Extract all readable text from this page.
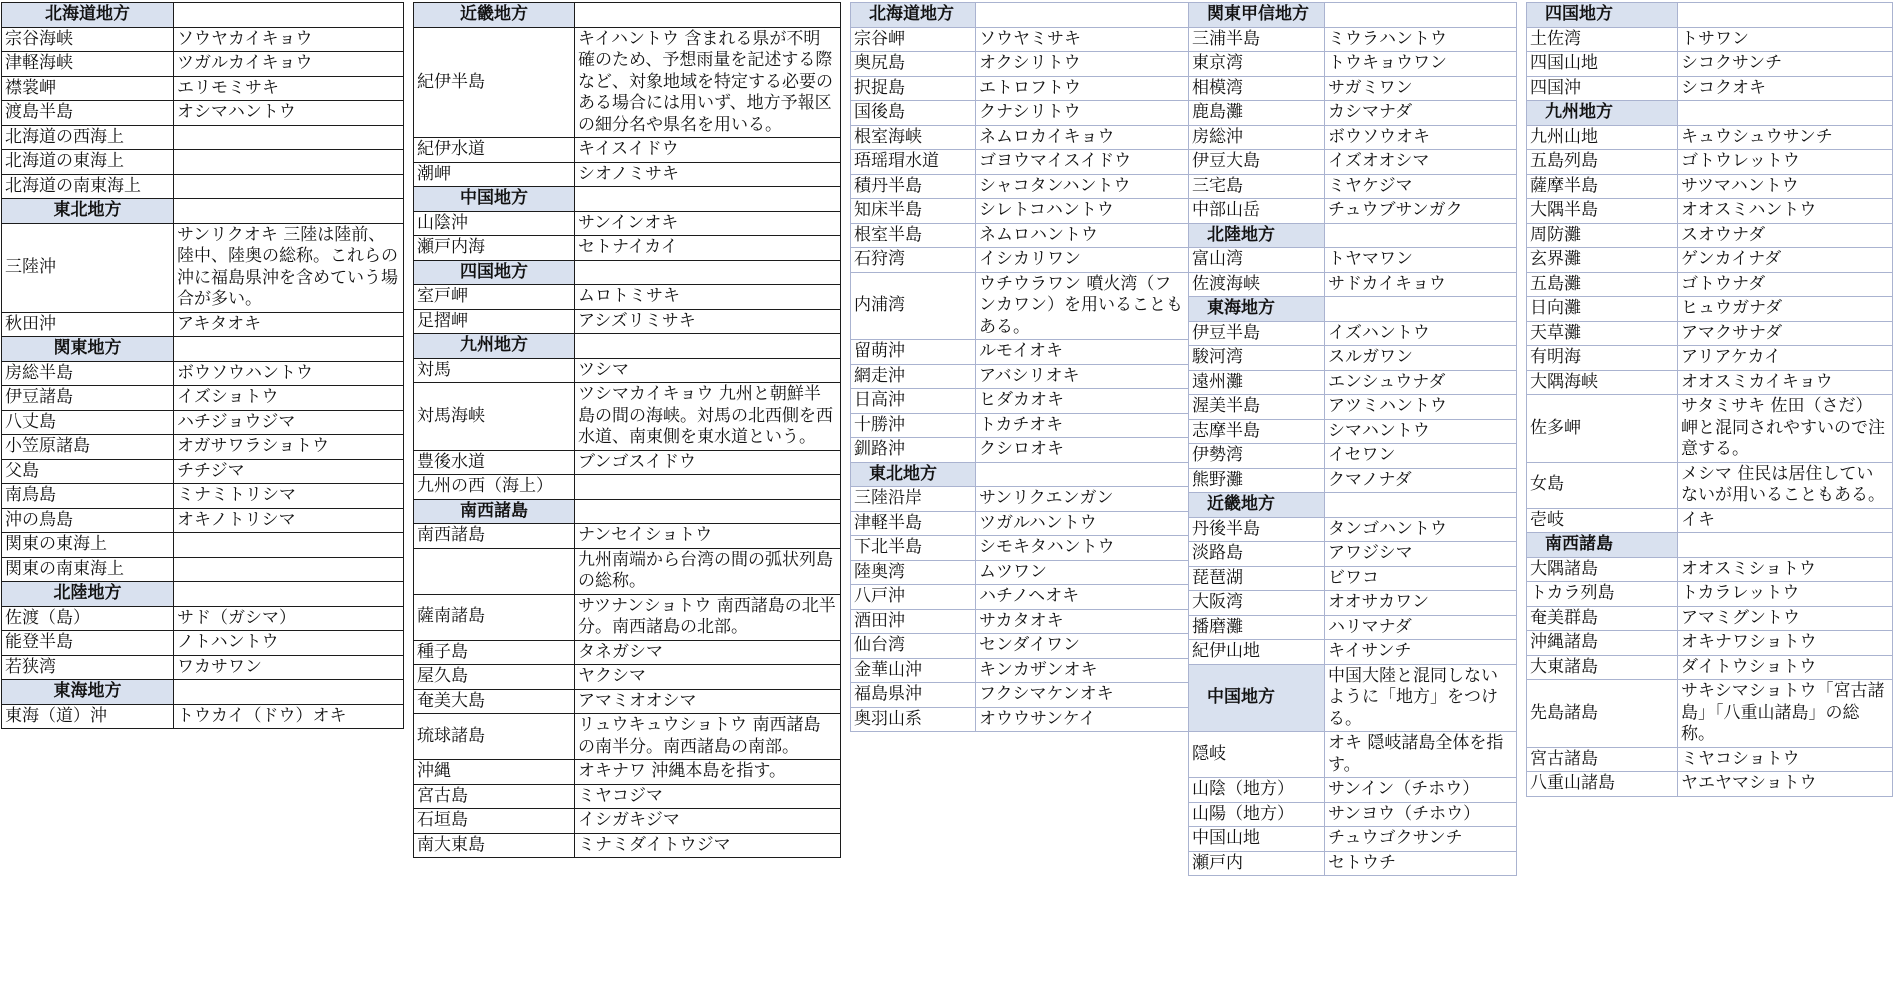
北海道地方	
宗谷海峡	ソウヤカイキョウ
津軽海峡	ツガルカイキョウ
襟裳岬	エリモミサキ
渡島半島	オシマハントウ
北海道の西海上	
北海道の東海上	
北海道の南東海上	
東北地方	
三陸沖	サンリクオキ 三陸は陸前、陸中、陸奥の総称。これらの沖に福島県沖を含めていう場合が多い。
秋田沖	アキタオキ
関東地方	
房総半島	ボウソウハントウ
伊豆諸島	イズショトウ
八丈島	ハチジョウジマ
小笠原諸島	オガサワラショトウ
父島	チチジマ
南鳥島	ミナミトリシマ
沖の鳥島	オキノトリシマ
関東の東海上	
関東の南東海上	
北陸地方	
佐渡（島）	サド（ガシマ）
能登半島	ノトハントウ
若狭湾	ワカサワン
東海地方	
東海（道）沖	トウカイ（ドウ）オキ
近畿地方	
紀伊半島	キイハントウ 含まれる県が不明確のため、予想雨量を記述する際など、対象地域を特定する必要のある場合には用いず、地方予報区の細分名や県名を用いる。
紀伊水道	キイスイドウ
潮岬	シオノミサキ
中国地方	
山陰沖	サンインオキ
瀬戸内海	セトナイカイ
四国地方	
室戸岬	ムロトミサキ
足摺岬	アシズリミサキ
九州地方	
対馬	ツシマ
対馬海峡	ツシマカイキョウ 九州と朝鮮半島の間の海峡。対馬の北西側を西水道、南東側を東水道という。
豊後水道	ブンゴスイドウ
九州の西（海上）	
南西諸島	
南西諸島	ナンセイショトウ
	九州南端から台湾の間の弧状列島の総称。
薩南諸島	サツナンショトウ 南西諸島の北半分。南西諸島の北部。
種子島	タネガシマ
屋久島	ヤクシマ
奄美大島	アマミオオシマ
琉球諸島	リュウキュウショトウ 南西諸島の南半分。南西諸島の南部。
沖縄	オキナワ 沖縄本島を指す。
宮古島	ミヤコジマ
石垣島	イシガキジマ
南大東島	ミナミダイトウジマ
北海道地方	
宗谷岬	ソウヤミサキ
奥尻島	オクシリトウ
択捉島	エトロフトウ
国後島	クナシリトウ
根室海峡	ネムロカイキョウ
珸瑶瑁水道	ゴヨウマイスイドウ
積丹半島	シャコタンハントウ
知床半島	シレトコハントウ
根室半島	ネムロハントウ
石狩湾	イシカリワン
内浦湾	ウチウラワン 噴火湾（フンカワン）を用いることもある。
留萌沖	ルモイオキ
網走沖	アバシリオキ
日高沖	ヒダカオキ
十勝沖	トカチオキ
釧路沖	クシロオキ
東北地方	
三陸沿岸	サンリクエンガン
津軽半島	ツガルハントウ
下北半島	シモキタハントウ
陸奥湾	ムツワン
八戸沖	ハチノヘオキ
酒田沖	サカタオキ
仙台湾	センダイワン
金華山沖	キンカザンオキ
福島県沖	フクシマケンオキ
奥羽山系	オウウサンケイ
関東甲信地方	
三浦半島	ミウラハントウ
東京湾	トウキョウワン
相模湾	サガミワン
鹿島灘	カシマナダ
房総沖	ボウソウオキ
伊豆大島	イズオオシマ
三宅島	ミヤケジマ
中部山岳	チュウブサンガク
北陸地方	
富山湾	トヤマワン
佐渡海峡	サドカイキョウ
東海地方	
伊豆半島	イズハントウ
駿河湾	スルガワン
遠州灘	エンシュウナダ
渥美半島	アツミハントウ
志摩半島	シマハントウ
伊勢湾	イセワン
熊野灘	クマノナダ
近畿地方	
丹後半島	タンゴハントウ
淡路島	アワジシマ
琵琶湖	ビワコ
大阪湾	オオサカワン
播磨灘	ハリマナダ
紀伊山地	キイサンチ
中国地方	中国大陸と混同しないように「地方」をつける。
隠岐	オキ 隠岐諸島全体を指す。
山陰（地方）	サンイン（チホウ）
山陽（地方）	サンヨウ（チホウ）
中国山地	チュウゴクサンチ
瀬戸内	セトウチ
四国地方	
土佐湾	トサワン
四国山地	シコクサンチ
四国沖	シコクオキ
九州地方	
九州山地	キュウシュウサンチ
五島列島	ゴトウレットウ
薩摩半島	サツマハントウ
大隅半島	オオスミハントウ
周防灘	スオウナダ
玄界灘	ゲンカイナダ
五島灘	ゴトウナダ
日向灘	ヒュウガナダ
天草灘	アマクサナダ
有明海	アリアケカイ
大隅海峡	オオスミカイキョウ
佐多岬	サタミサキ 佐田（さだ）岬と混同されやすいので注意する。
女島	メシマ 住民は居住していないが用いることもある。
壱岐	イキ
南西諸島	
大隅諸島	オオスミショトウ
トカラ列島	トカラレットウ
奄美群島	アマミグントウ
沖縄諸島	オキナワショトウ
大東諸島	ダイトウショトウ
先島諸島	サキシマショトウ「宮古諸島」「八重山諸島」の総称。
宮古諸島	ミヤコショトウ
八重山諸島	ヤエヤマショトウ
